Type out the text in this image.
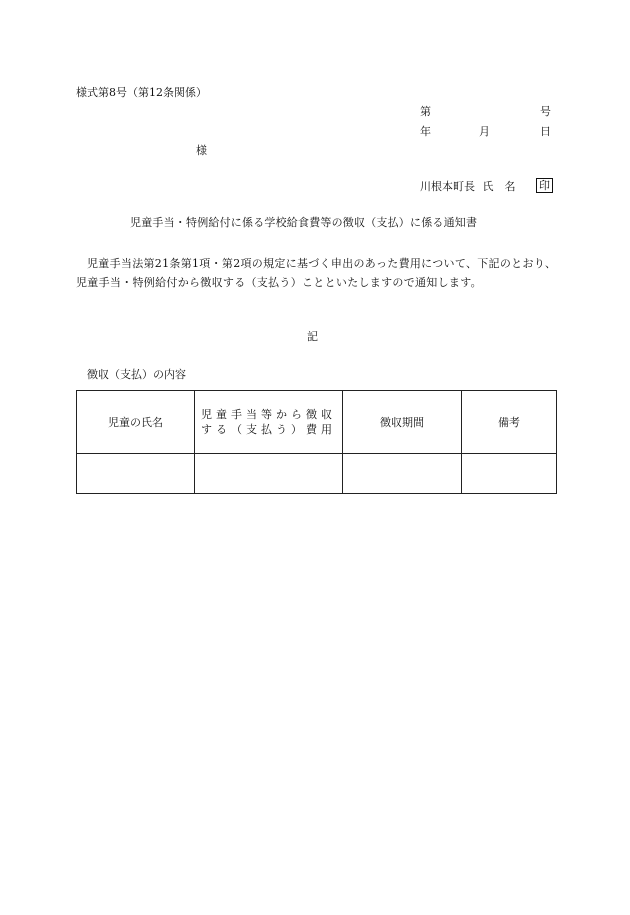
様式第8号（第12条関係）
第	号
年	月	日
様
川根本町長 氏　名 印
児童手当・特例給付に係る学校給食費等の徴収（支払）に係る通知書
児童手当法第21条第1項・第2項の規定に基づく申出のあった費用について、下記のとおり、児童手当・特例給付から徴収する（支払う）ことといたしますので通知します。
記
徴収（支払）の内容
児童の氏名	児童手当等から徴収する（支払う）費用	徴収期間	備考
